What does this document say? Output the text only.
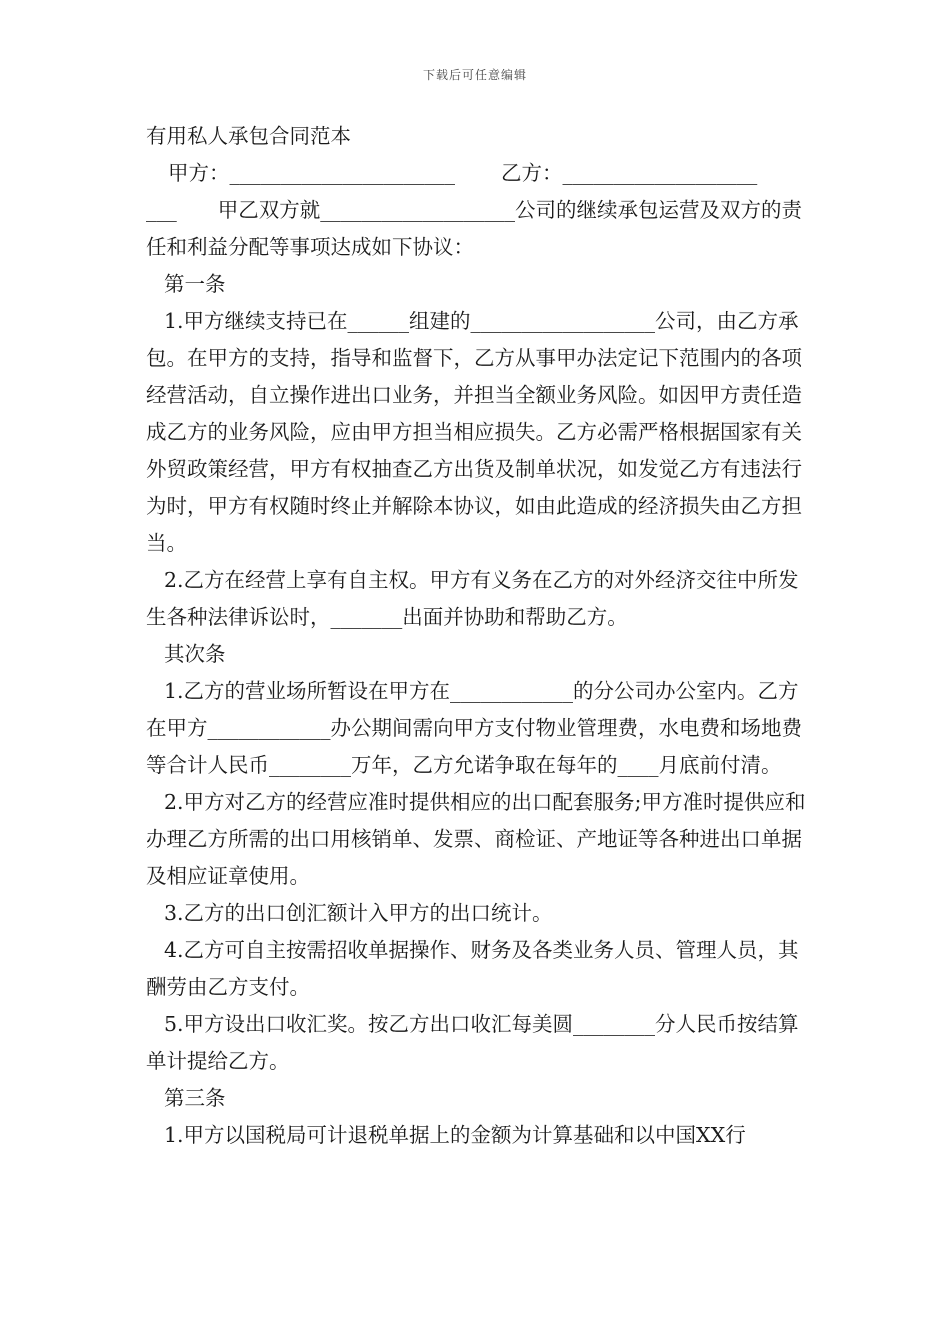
下载后可任意编辑

有用私人承包合同范本

甲方：______________________ 乙方：___________________

___　　甲乙双方就___________________公司的继续承包运营及双方的责任和利益分配等事项达成如下协议：

第一条

1.甲方继续支持已在______组建的__________________公司，由乙方承包。在甲方的支持，指导和监督下，乙方从事甲办法定记下范围内的各项经营活动，自立操作进出口业务，并担当全额业务风险。如因甲方责任造成乙方的业务风险，应由甲方担当相应损失。乙方必需严格根据国家有关外贸政策经营，甲方有权抽查乙方出货及制单状况，如发觉乙方有违法行为时，甲方有权随时终止并解除本协议，如由此造成的经济损失由乙方担当。

2.乙方在经营上享有自主权。甲方有义务在乙方的对外经济交往中所发生各种法律诉讼时，_______出面并协助和帮助乙方。

其次条

1.乙方的营业场所暂设在甲方在____________的分公司办公室内。乙方在甲方____________办公期间需向甲方支付物业管理费，水电费和场地费等合计人民币________万年，乙方允诺争取在每年的____月底前付清。

2.甲方对乙方的经营应准时提供相应的出口配套服务;甲方准时提供应和办理乙方所需的出口用核销单、发票、商检证、产地证等各种进出口单据及相应证章使用。

3.乙方的出口创汇额计入甲方的出口统计。

4.乙方可自主按需招收单据操作、财务及各类业务人员、管理人员，其酬劳由乙方支付。

5.甲方设出口收汇奖。按乙方出口收汇每美圆________分人民币按结算单计提给乙方。

第三条

1.甲方以国税局可计退税单据上的金额为计算基础和以中国XX行
